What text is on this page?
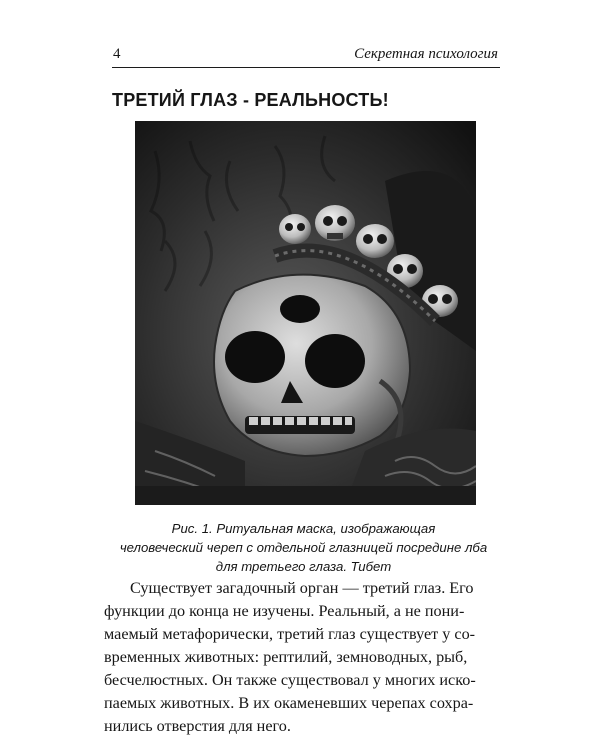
4	Секретная психология
ТРЕТИЙ ГЛАЗ - РЕАЛЬНОСТЬ!
Рис. 1. Ритуальная маска, изображающая
человеческий череп с отдельной глазницей посредине лба
для третьего глаза. Тибет
Существует загадочный орган — третий глаз. Его
функции до конца не изучены. Реальный, а не пони-
маемый метафорически, третий глаз существует у со-
временных животных: рептилий, земноводных, рыб,
бесчелюстных. Он также существовал у многих иско-
паемых животных. В их окаменевших черепах сохра-
нились отверстия для него.
